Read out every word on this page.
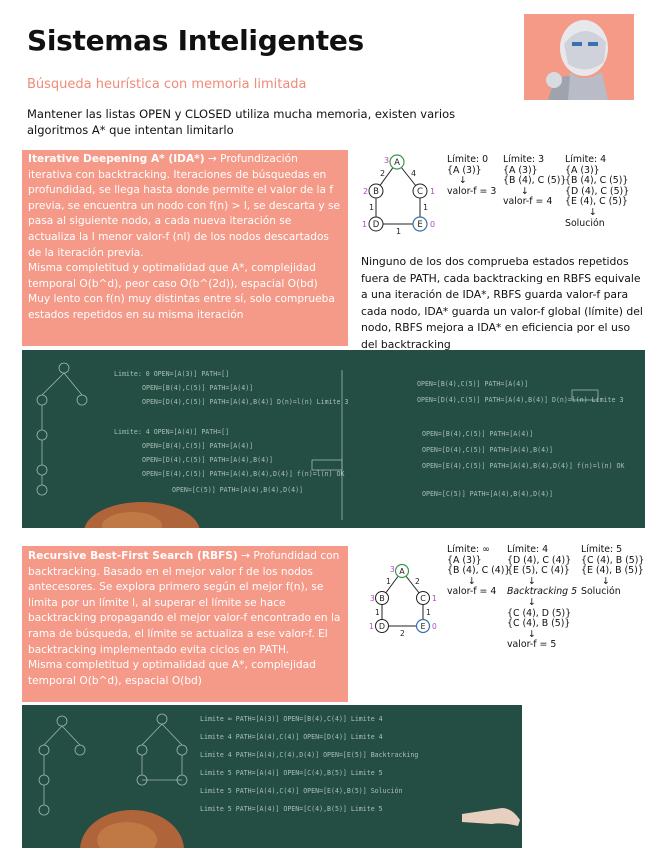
Sistemas Inteligentes
Búsqueda heurística con memoria limitada
Mantener las listas OPEN y CLOSED utiliza mucha memoria, existen varios algoritmos A* que intentan limitarlo
Iterative Deepening A* (IDA*) → Profundización iterativa con backtracking. Iteraciones de búsquedas en profundidad, se llega hasta donde permite el valor de la f previa, se encuentra un nodo con f(n) > l, se descarta y se pasa al siguiente nodo, a cada nueva iteración se actualiza la l menor valor-f (nl) de los nodos descartados de la iteración previa.
Misma completitud y optimalidad que A*, complejidad temporal O(b^d), peor caso O(b^(2d)), espacial O(bd)
Muy lento con f(n) muy distintas entre sí, solo comprueba estados repetidos en su misma iteración
A
B	C
D	E
3
2	1
1	0
2	4
1	1
1
Límite: 0
{A (3)}
↓
valor-f = 3
Límite: 3
{A (3)}
{B (4), C (5)}
↓
valor-f = 4
Límite: 4
{A (3)}
{B (4), C (5)}
{D (4), C (5)}
{E (4), C (5)}
↓
Solución
Ninguno de los dos comprueba estados repetidos fuera de PATH, cada backtracking en RBFS equivale a una iteración de IDA*, RBFS guarda valor-f para cada nodo, IDA* guarda un valor-f global (límite) del nodo, RBFS mejora a IDA* en eficiencia por el uso del backtracking
Limite: 0 OPEN=[A(3)] PATH=[]
OPEN=[B(4),C(5)] PATH=[A(4)]
OPEN=[D(4),C(5)] PATH=[A(4),B(4)] D(n)=l(n) Limite 3
Limite: 4 OPEN=[A(4)] PATH=[]
OPEN=[B(4),C(5)] PATH=[A(4)]
OPEN=[D(4),C(5)] PATH=[A(4),B(4)]
OPEN=[E(4),C(5)] PATH=[A(4),B(4),D(4)] f(n)=l(n) OK
OPEN=[C(5)] PATH=[A(4),B(4),D(4)]
OPEN=[B(4),C(5)] PATH=[A(4)]
OPEN=[D(4),C(5)] PATH=[A(4),B(4)] D(n)=l(n) Limite 3
OPEN=[B(4),C(5)] PATH=[A(4)]
OPEN=[D(4),C(5)] PATH=[A(4),B(4)]
OPEN=[E(4),C(5)] PATH=[A(4),B(4),D(4)] f(n)=l(n) OK
OPEN=[C(5)] PATH=[A(4),B(4),D(4)]
Recursive Best-First Search (RBFS) → Profundidad con backtracking. Basado en el mejor valor f de los nodos antecesores. Se explora primero según el mejor f(n), se limita por un límite l, al superar el límite se hace backtracking propagando el mejor valor-f encontrado en la rama de búsqueda, el límite se actualiza a ese valor-f. El backtracking implementado evita ciclos en PATH.
Misma completitud y optimalidad que A*, complejidad temporal O(b^d), espacial O(bd)
A
B	C
D	E
3
3	1
1	0
1	2
1	1
2
Límite: ∞
{A (3)}
{B (4), C (4)}
↓
valor-f = 4
Límite: 4
{D (4), C (4)}
{E (5), C (4)}
↓
Backtracking 5
↓
{C (4), D (5)}
{C (4), B (5)}
↓
valor-f = 5
Límite: 5
{C (4), B (5)}
{E (4), B (5)}
↓
Solución
Limite ∞ PATH=[A(3)] OPEN=[B(4),C(4)] Limite 4
Limite 4 PATH=[A(4),C(4)] OPEN=[D(4)] Limite 4
Limite 4 PATH=[A(4),C(4),D(4)] OPEN=[E(5)] Backtracking
Limite 5 PATH=[A(4)] OPEN=[C(4),B(5)] Limite 5
Limite 5 PATH=[A(4),C(4)] OPEN=[E(4),B(5)] Solución
Limite 5 PATH=[A(4)] OPEN=[C(4),B(5)] Limite 5
